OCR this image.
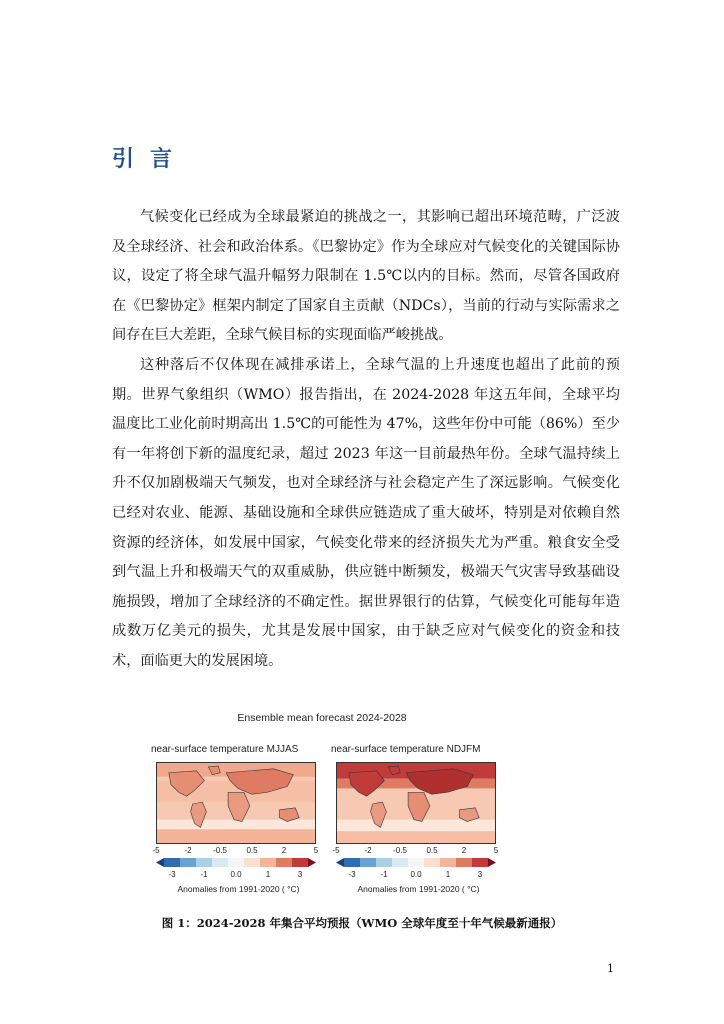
引言

气候变化已经成为全球最紧迫的挑战之一，其影响已超出环境范畴，广泛波及全球经济、社会和政治体系。《巴黎协定》作为全球应对气候变化的关键国际协议，设定了将全球气温升幅努力限制在 1.5℃以内的目标。然而，尽管各国政府在《巴黎协定》框架内制定了国家自主贡献（NDCs），当前的行动与实际需求之间存在巨大差距，全球气候目标的实现面临严峻挑战。

这种落后不仅体现在减排承诺上，全球气温的上升速度也超出了此前的预期。世界气象组织（WMO）报告指出，在 2024-2028 年这五年间，全球平均温度比工业化前时期高出 1.5℃的可能性为 47%，这些年份中可能（86%）至少有一年将创下新的温度纪录，超过 2023 年这一目前最热年份。全球气温持续上升不仅加剧极端天气频发，也对全球经济与社会稳定产生了深远影响。气候变化已经对农业、能源、基础设施和全球供应链造成了重大破坏，特别是对依赖自然资源的经济体，如发展中国家，气候变化带来的经济损失尤为严重。粮食安全受到气温上升和极端天气的双重威胁，供应链中断频发，极端天气灾害导致基础设施损毁，增加了全球经济的不确定性。据世界银行的估算，气候变化可能每年造成数万亿美元的损失，尤其是发展中国家，由于缺乏应对气候变化的资金和技术，面临更大的发展困境。

Ensemble mean forecast 2024-2028
near-surface temperature MJJAS
-5	-2	-0.5 0.5	2	5
-3	-1	0.0	1	3
Anomalies from 1991-2020 ( °C)
near-surface temperature NDJFM
-5	-2	-0.5 0.5	2	5
-3	-1	0.0	1	3
Anomalies from 1991-2020 ( °C)
图 1：2024-2028 年集合平均预报（WMO 全球年度至十年气候最新通报）
1
